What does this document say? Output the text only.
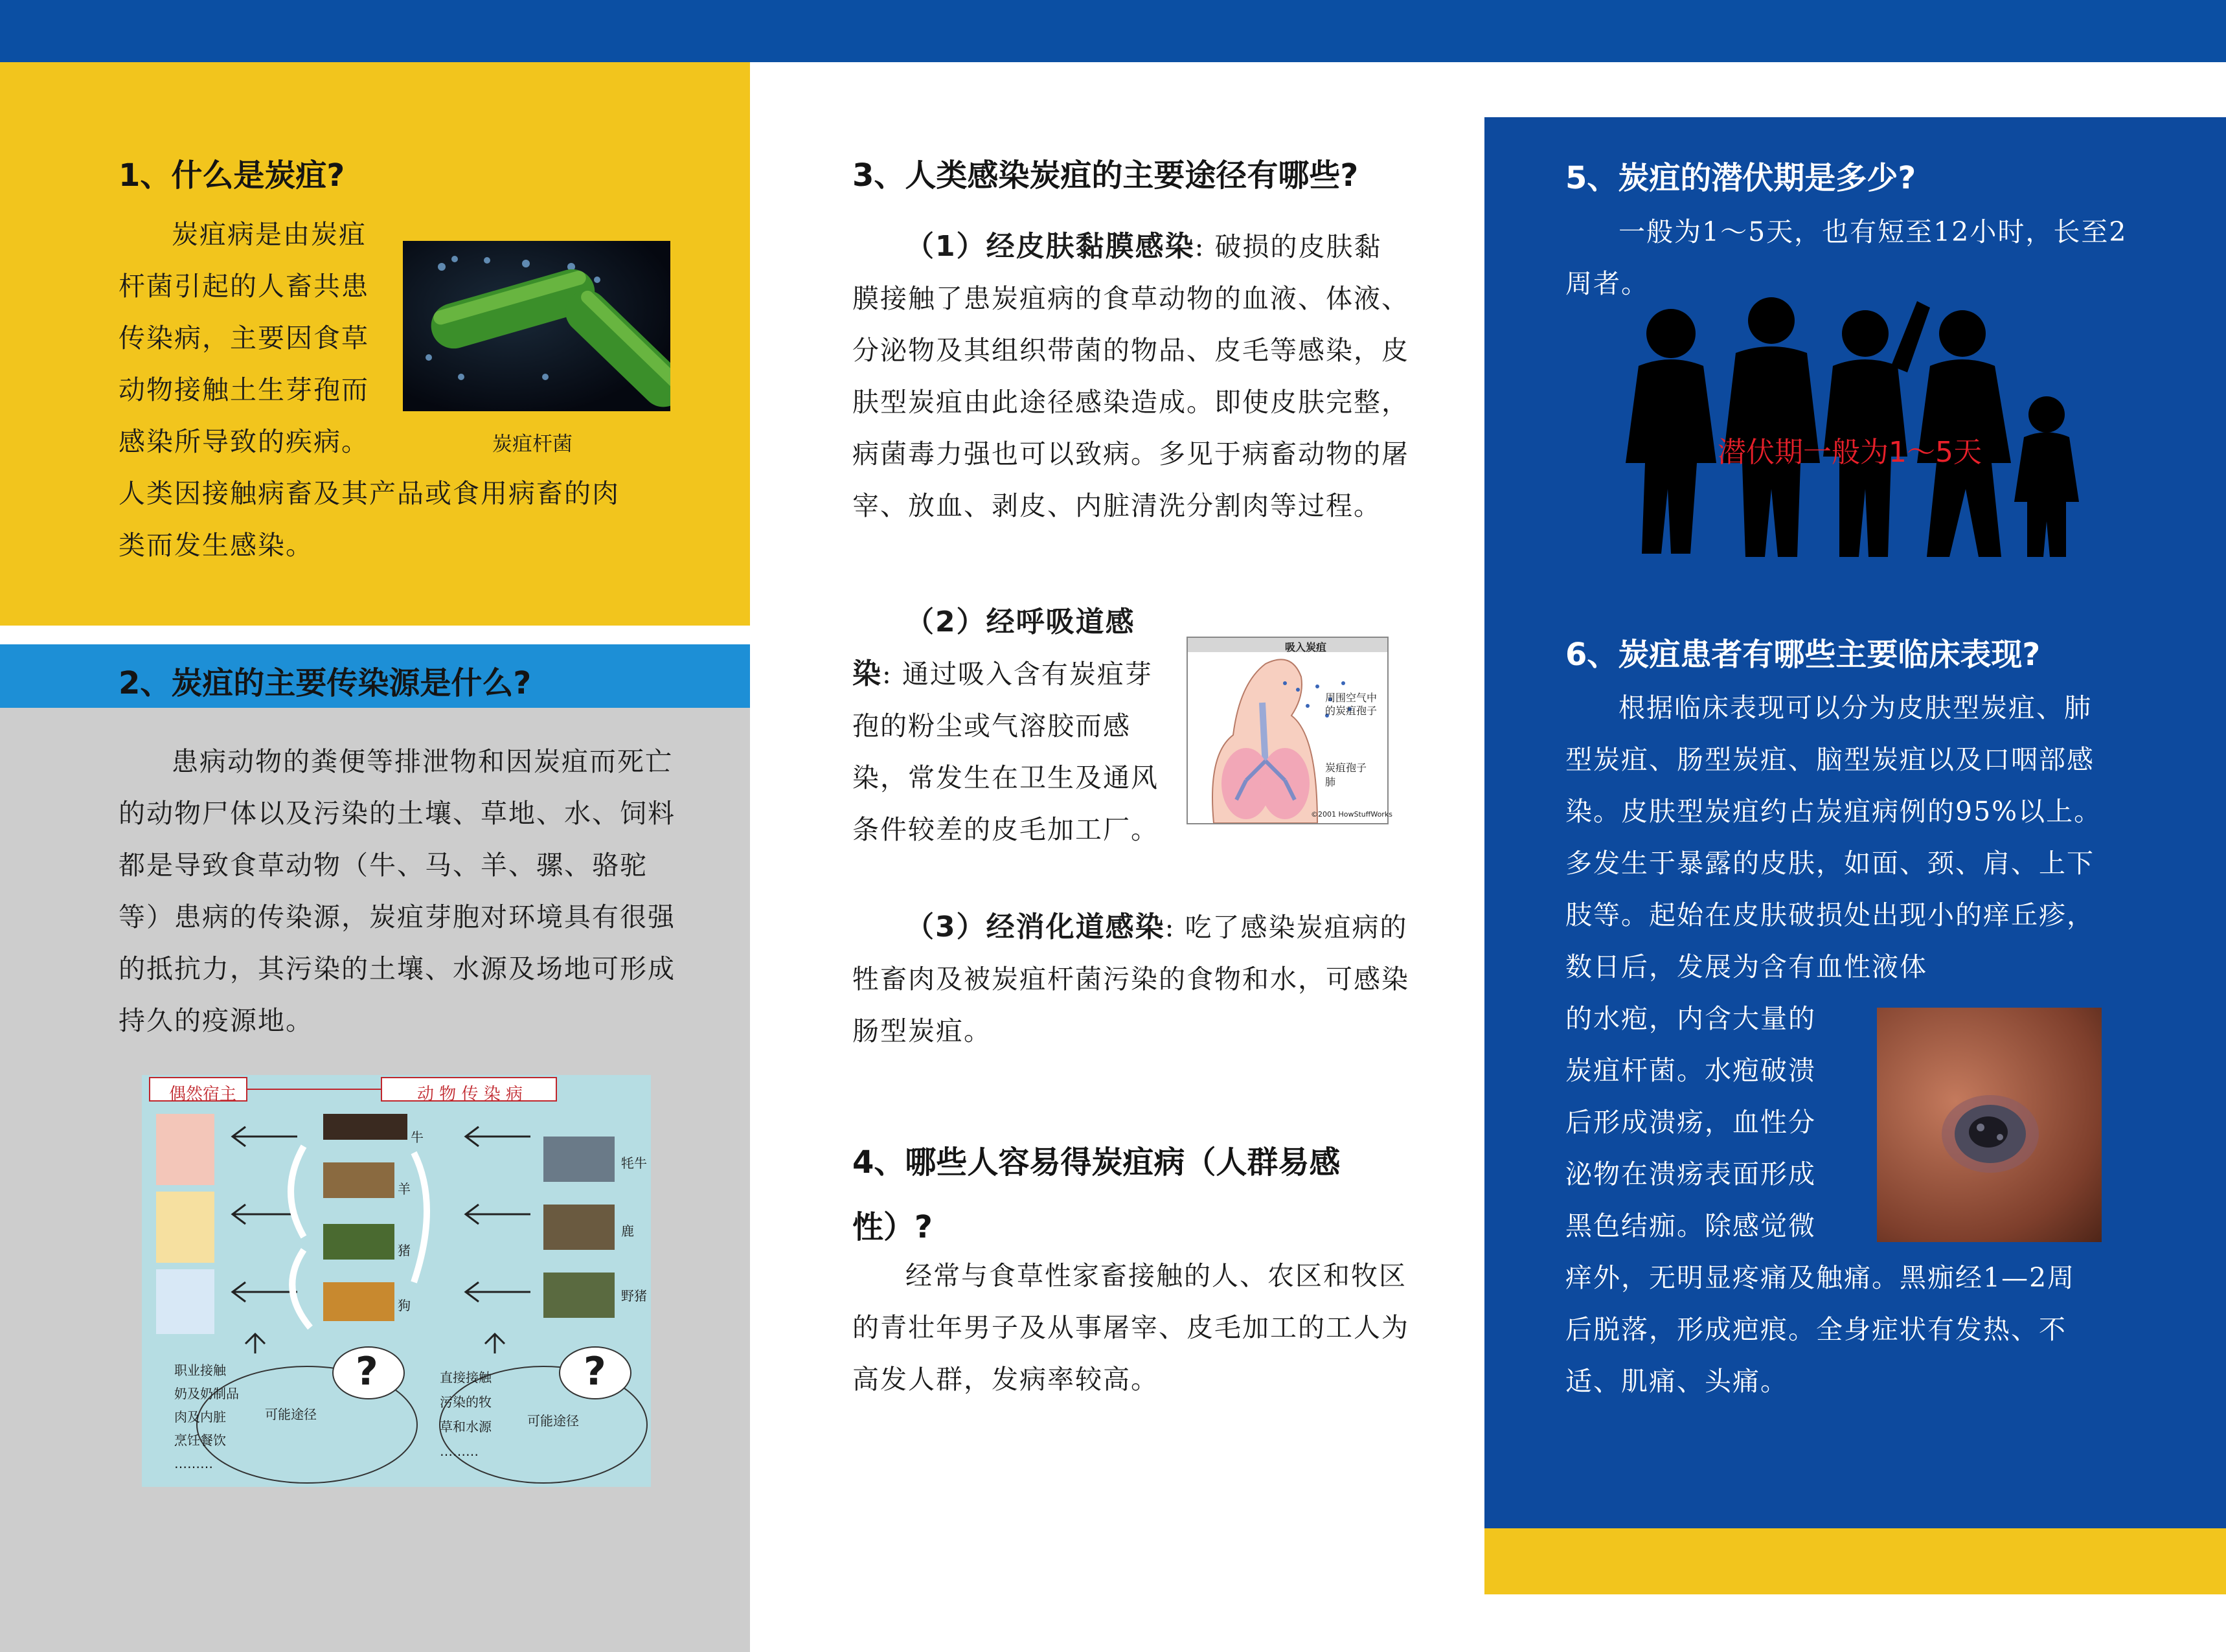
1、什么是炭疽?

炭疽病是由炭疽

杆菌引起的人畜共患

传染病，主要因食草

动物接触土生芽孢而

感染所导致的疾病。

人类因接触病畜及其产品或食用病畜的肉

类而发生感染。

炭疽杆菌
2、炭疽的主要传染源是什么?

患病动物的粪便等排泄物和因炭疽而死亡的动物尸体以及污染的土壤、草地、水、饲料都是导致食草动物（牛、马、羊、骡、骆驼等）患病的传染源，炭疽芽胞对环境具有很强的抵抗力，其污染的土壤、水源及场地可形成持久的疫源地。

偶然宿主	动 物 传 染 病
牛
羊
猪
狗
牦牛
鹿
野猪
?	?
职业接触
奶及奶制品
肉及内脏
烹饪餐饮
………
可能途径
直接接触
污染的牧
草和水源
………
可能途径
3、人类感染炭疽的主要途径有哪些?

（1）经皮肤黏膜感染: 破损的皮肤黏膜接触了患炭疽病的食草动物的血液、体液、分泌物及其组织带菌的物品、皮毛等感染，皮肤型炭疽由此途径感染造成。即使皮肤完整，病菌毒力强也可以致病。多见于病畜动物的屠宰、放血、剥皮、内脏清洗分割肉等过程。

（2）经呼吸道感染: 通过吸入含有炭疽芽孢的粉尘或气溶胶而感染，常发生在卫生及通风条件较差的皮毛加工厂。

吸入炭疽
周围空气中
的炭疽孢子
炭疽孢子
肺
©2001 HowStuffWorks

（3）经消化道感染: 吃了感染炭疽病的牲畜肉及被炭疽杆菌污染的食物和水，可感染肠型炭疽。

4、哪些人容易得炭疽病（人群易感
性）?

经常与食草性家畜接触的人、农区和牧区的青壮年男子及从事屠宰、皮毛加工的工人为高发人群，发病率较高。

5、炭疽的潜伏期是多少?

一般为1～5天，也有短至12小时，长至2周者。

潜伏期一般为1～5天
6、炭疽患者有哪些主要临床表现?

根据临床表现可以分为皮肤型炭疽、肺型炭疽、肠型炭疽、脑型炭疽以及口咽部感染。皮肤型炭疽约占炭疽病例的95%以上。多发生于暴露的皮肤，如面、颈、肩、上下肢等。起始在皮肤破损处出现小的痒丘疹，数日后，发展为含有血性液体

的水疱，内含大量的

炭疽杆菌。水疱破溃

后形成溃疡，血性分

泌物在溃疡表面形成

黑色结痂。除感觉微

痒外，无明显疼痛及触痛。黑痂经1—2周后脱落，形成疤痕。全身症状有发热、不适、肌痛、头痛。
